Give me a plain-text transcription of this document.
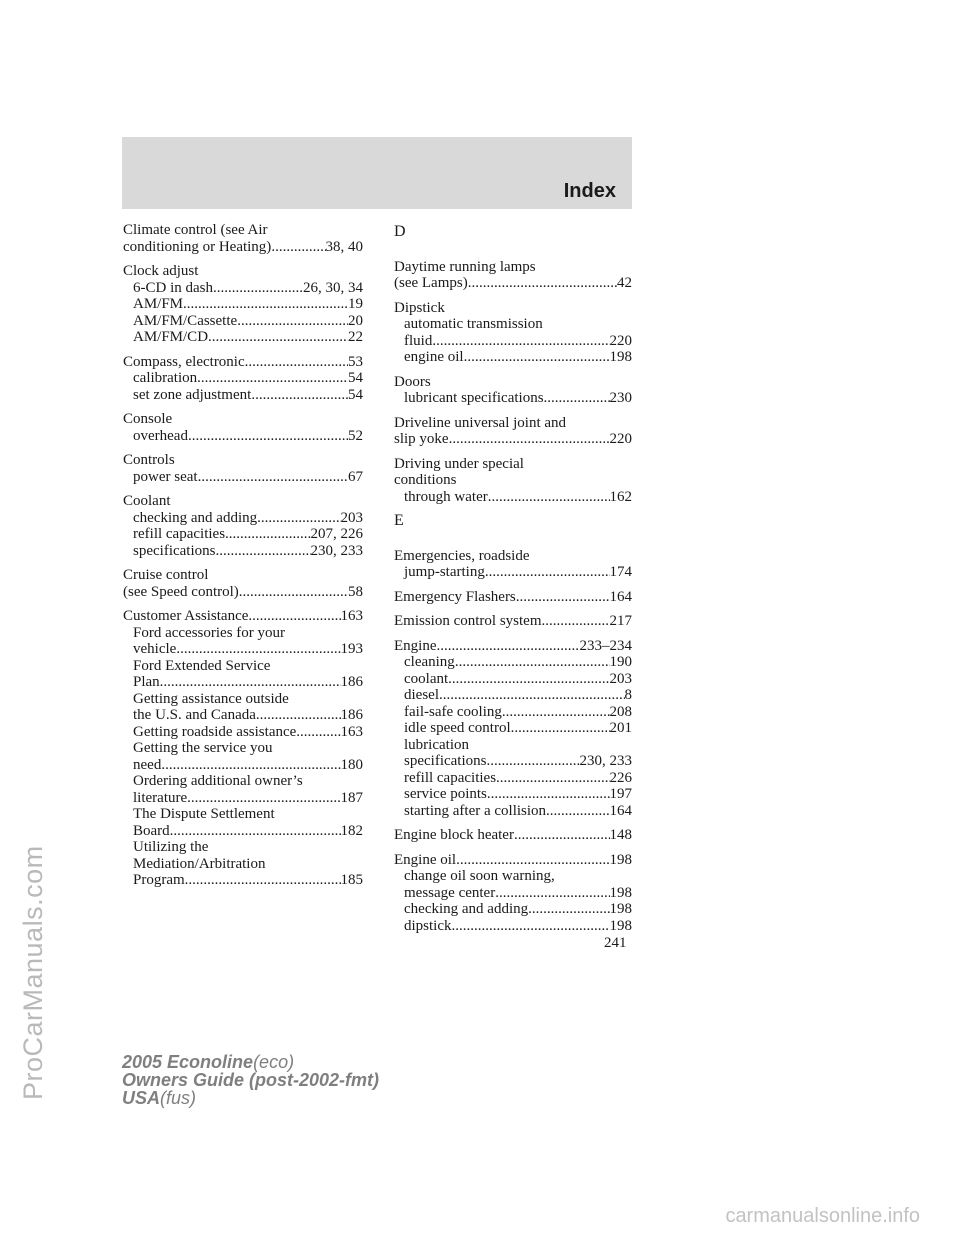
ProCarManuals.com
Index
Climate control (see Air
conditioning or Heating) .....	38, 40
Clock adjust
6-CD in dash .....	26, 30, 34
AM/FM .....	19
AM/FM/Cassette .....	20
AM/FM/CD .....	22
Compass, electronic .....	53
calibration .....	54
set zone adjustment .....	54
Console
overhead .....	52
Controls
power seat .....	67
Coolant
checking and adding .....	203
refill capacities .....	207, 226
specifications .....	230, 233
Cruise control
(see Speed control) .....	58
Customer Assistance .....	163
Ford accessories for your
vehicle .....	193
Ford Extended Service
Plan .....	186
Getting assistance outside
the U.S. and Canada .....	186
Getting roadside assistance .....	163
Getting the service you
need .....	180
Ordering additional owner’s
literature .....	187
The Dispute Settlement
Board .....	182
Utilizing the
Mediation/Arbitration
Program .....	185
D
Daytime running lamps
(see Lamps) .....	42
Dipstick
automatic transmission
fluid .....	220
engine oil .....	198
Doors
lubricant specifications .....	230
Driveline universal joint and
slip yoke .....	220
Driving under special
conditions
through water .....	162
E
Emergencies, roadside
jump-starting .....	174
Emergency Flashers .....	164
Emission control system .....	217
Engine .....	233–234
cleaning .....	190
coolant .....	203
diesel .....	8
fail-safe cooling .....	208
idle speed control .....	201
lubrication
specifications .....	230, 233
refill capacities .....	226
service points .....	197
starting after a collision .....	164
Engine block heater .....	148
Engine oil .....	198
change oil soon warning,
message center .....	198
checking and adding .....	198
dipstick .....	198
241
2005 Econoline(eco)
Owners Guide (post-2002-fmt)
USA(fus)
carmanualsonline.info
